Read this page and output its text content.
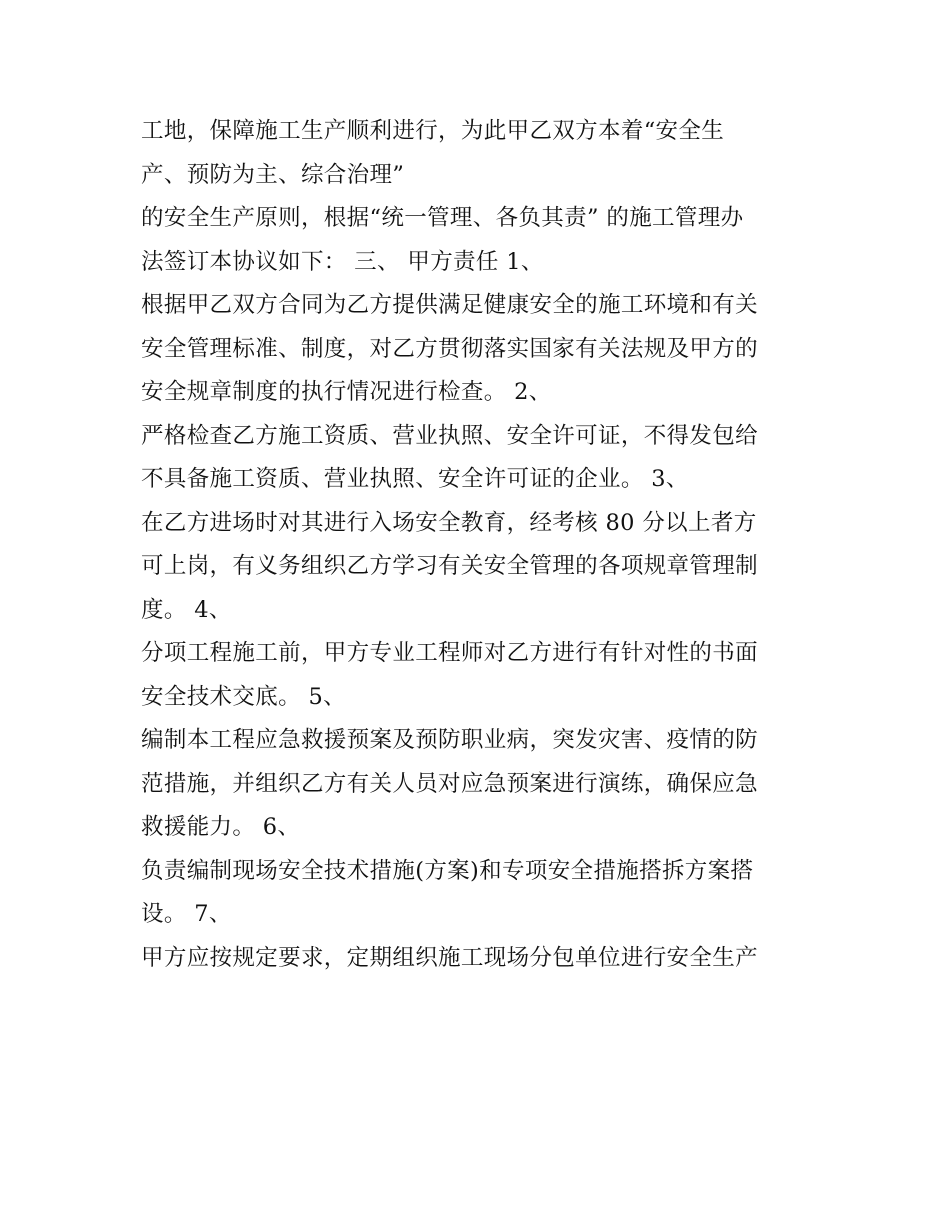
工地，保障施工生产顺利进行，为此甲乙双方本着“安全生
产、预防为主、综合治理”
的安全生产原则，根据“统一管理、各负其责” 的施工管理办
法签订本协议如下： 三、 甲方责任 1、
根据甲乙双方合同为乙方提供满足健康安全的施工环境和有关
安全管理标准、制度，对乙方贯彻落实国家有关法规及甲方的
安全规章制度的执行情况进行检查。 2、
严格检查乙方施工资质、营业执照、安全许可证，不得发包给
不具备施工资质、营业执照、安全许可证的企业。 3、
在乙方进场时对其进行入场安全教育，经考核 80 分以上者方
可上岗，有义务组织乙方学习有关安全管理的各项规章管理制
度。 4、
分项工程施工前，甲方专业工程师对乙方进行有针对性的书面
安全技术交底。 5、
编制本工程应急救援预案及预防职业病，突发灾害、疫情的防
范措施，并组织乙方有关人员对应急预案进行演练，确保应急
救援能力。 6、
负责编制现场安全技术措施(方案)和专项安全措施搭拆方案搭
设。 7、
甲方应按规定要求，定期组织施工现场分包单位进行安全生产
